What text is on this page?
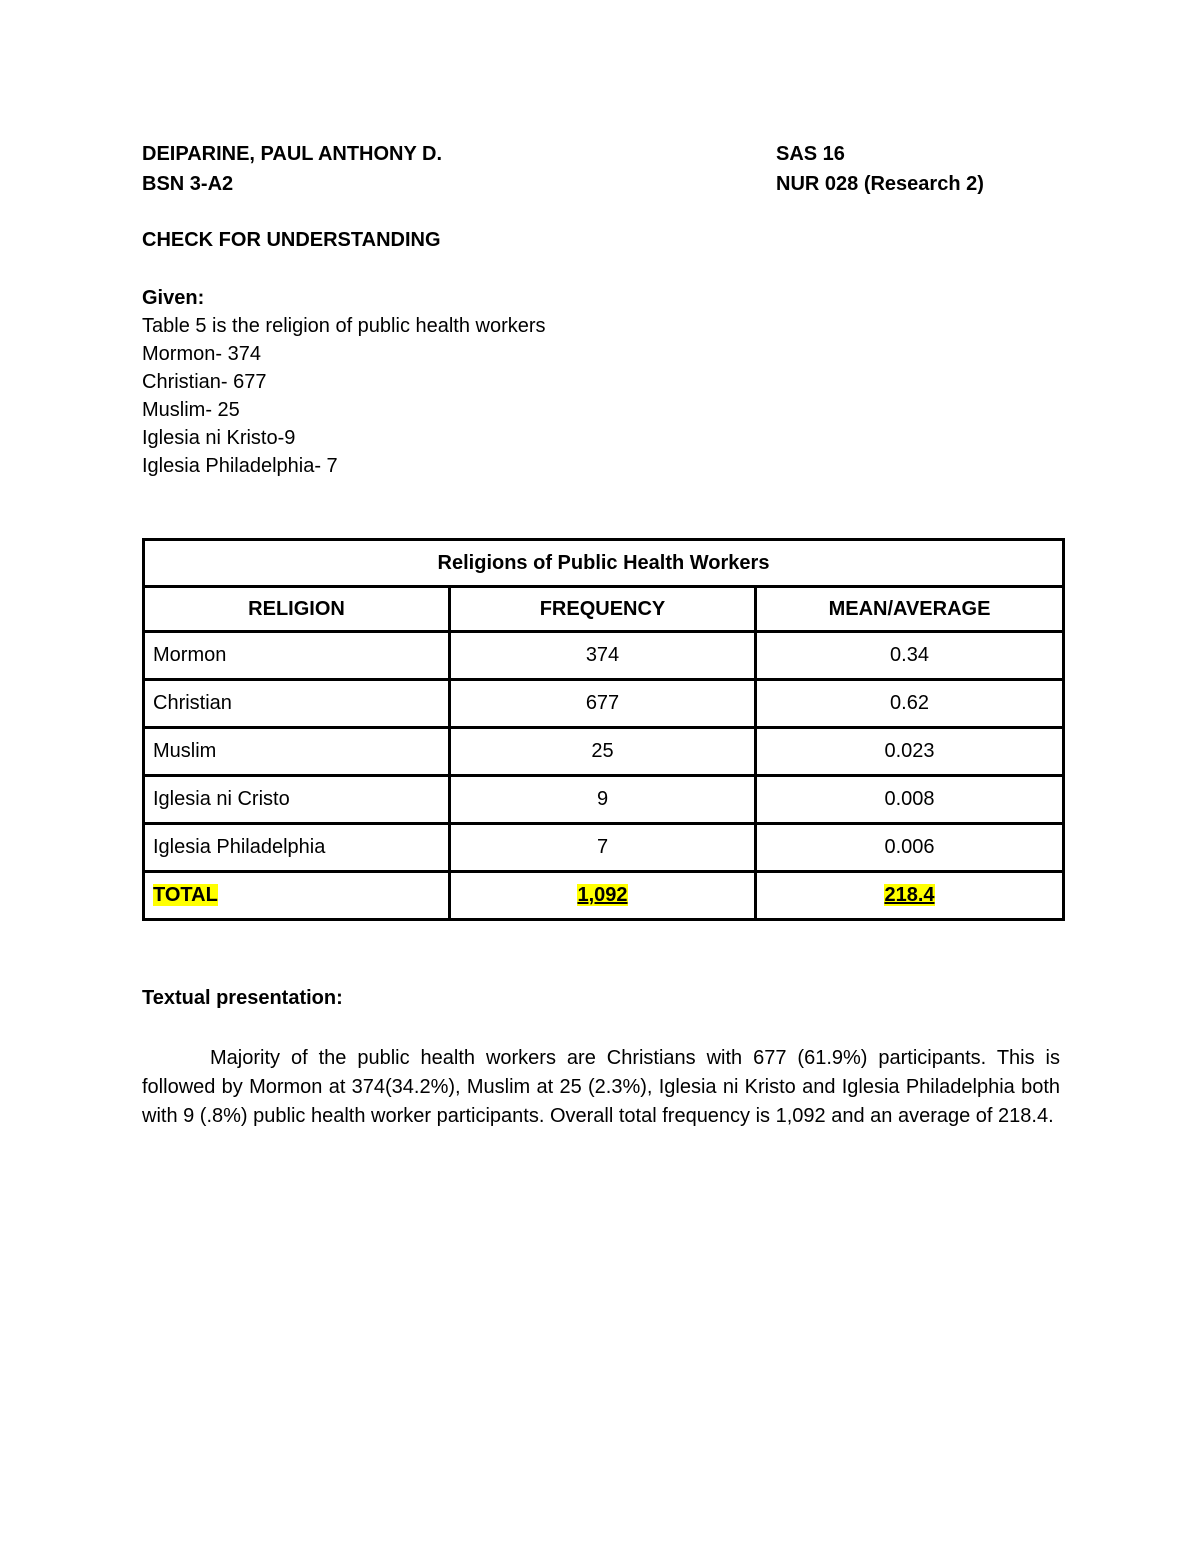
DEIPARINE, PAUL ANTHONY D.	SAS 16
BSN 3-A2	NUR 028 (Research 2)
CHECK FOR UNDERSTANDING
Given:
Table 5 is the religion of public health workers
Mormon- 374
Christian- 677
Muslim- 25
Iglesia ni Kristo-9
Iglesia Philadelphia- 7
Religions of Public Health Workers		
RELIGION	FREQUENCY	MEAN/AVERAGE
Mormon	374	0.34
Christian	677	0.62
Muslim	25	0.023
Iglesia ni Cristo	9	0.008
Iglesia Philadelphia	7	0.006
TOTAL	1,092	218.4
Textual presentation:
Majority of the public health workers are Christians with 677 (61.9%) participants. This is followed by Mormon at 374(34.2%), Muslim at 25 (2.3%), Iglesia ni Kristo and Iglesia Philadelphia both with 9 (.8%) public health worker participants. Overall total frequency is 1,092 and an average of 218.4.
